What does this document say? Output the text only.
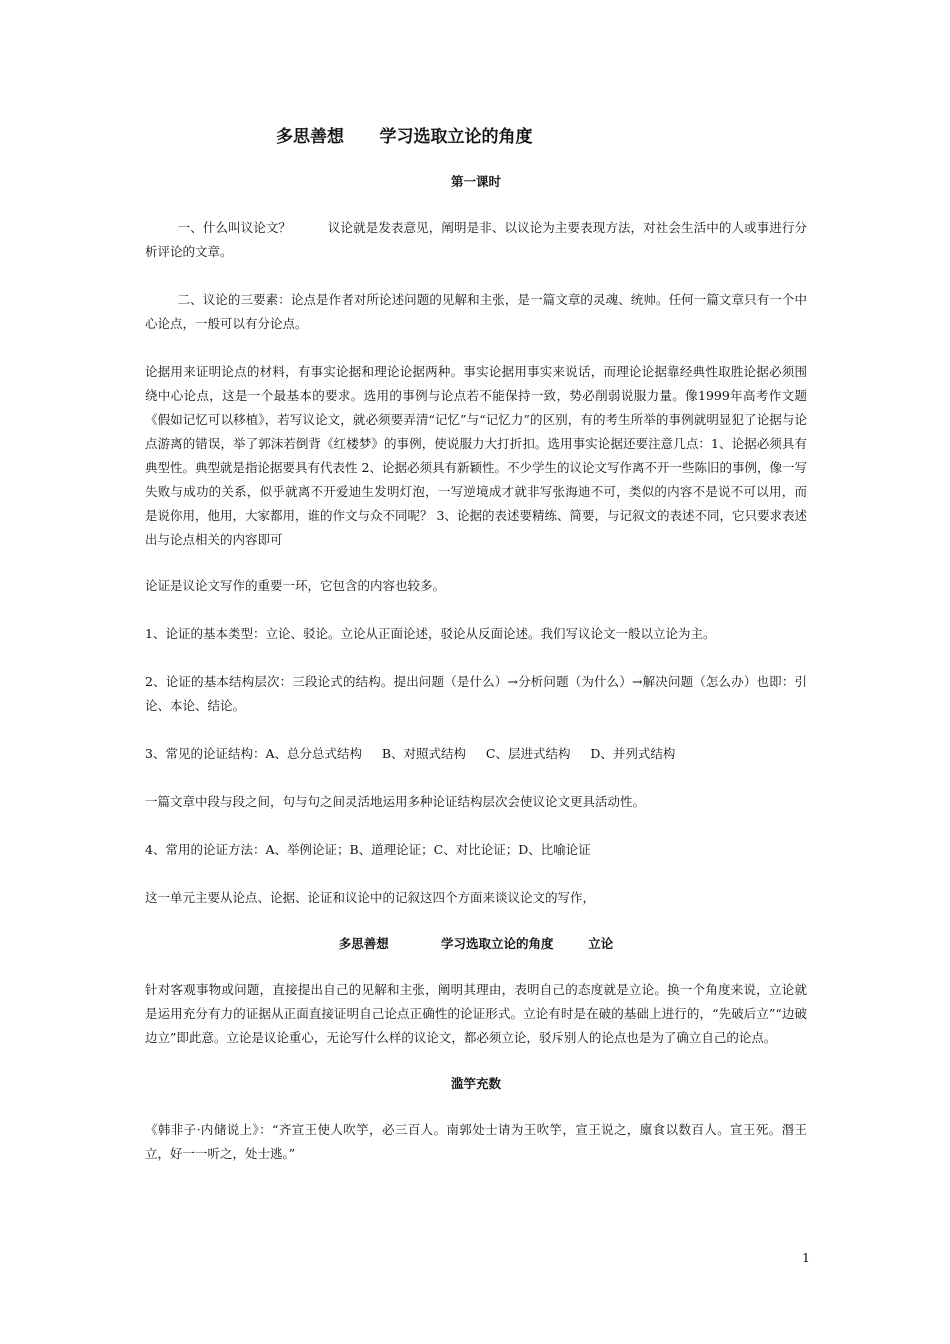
多思善想      学习选取立论的角度
第一课时

一、什么叫议论文？         议论就是发表意见，阐明是非、以议论为主要表现方法，对社会生活中的人或事进行分析评论的文章。

二、议论的三要素：论点是作者对所论述问题的见解和主张，是一篇文章的灵魂、统帅。任何一篇文章只有一个中心论点，一般可以有分论点。

论据用来证明论点的材料，有事实论据和理论论据两种。事实论据用事实来说话，而理论论据靠经典性取胜论据必须围绕中心论点，这是一个最基本的要求。选用的事例与论点若不能保持一致，势必削弱说服力量。像1999年高考作文题《假如记忆可以移植》，若写议论文，就必须要弄清“记忆”与“记忆力”的区别，有的考生所举的事例就明显犯了论据与论点游离的错误，举了郭沫若倒背《红楼梦》的事例，使说服力大打折扣。选用事实论据还要注意几点：1、论据必须具有典型性。典型就是指论据要具有代表性 2、论据必须具有新颖性。不少学生的议论文写作离不开一些陈旧的事例，像一写失败与成功的关系，似乎就离不开爱迪生发明灯泡，一写逆境成才就非写张海迪不可，类似的内容不是说不可以用，而是说你用，他用，大家都用，谁的作文与众不同呢？ 3、论据的表述要精练、简要，与记叙文的表述不同，它只要求表述出与论点相关的内容即可

论证是议论文写作的重要一环，它包含的内容也较多。

1、论证的基本类型：立论、驳论。立论从正面论述，驳论从反面论述。我们写议论文一般以立论为主。

2、论证的基本结构层次：三段论式的结构。提出问题（是什么）→分析问题（为什么）→解决问题（怎么办）也即：引论、本论、结论。

3、常见的论证结构：A、总分总式结构     B、对照式结构     C、层进式结构     D、并列式结构

一篇文章中段与段之间，句与句之间灵活地运用多种论证结构层次会使议论文更具活动性。

4、常用的论证方法：A、举例论证；B、道理论证；C、对比论证；D、比喻论证

这一单元主要从论点、论据、论证和议论中的记叙这四个方面来谈议论文的写作，

多思善想            学习选取立论的角度        立论

针对客观事物或问题，直接提出自己的见解和主张，阐明其理由，表明自己的态度就是立论。换一个角度来说，立论就是运用充分有力的证据从正面直接证明自己论点正确性的论证形式。立论有时是在破的基础上进行的，“先破后立”“边破边立”即此意。立论是议论重心，无论写什么样的议论文，都必须立论，驳斥别人的论点也是为了确立自己的论点。

滥竽充数

《韩非子·内储说上》：“齐宣王使人吹竽，必三百人。南郭处士请为王吹竽，宣王说之，廪食以数百人。宣王死。湣王立，好一一听之，处士逃。”

1
